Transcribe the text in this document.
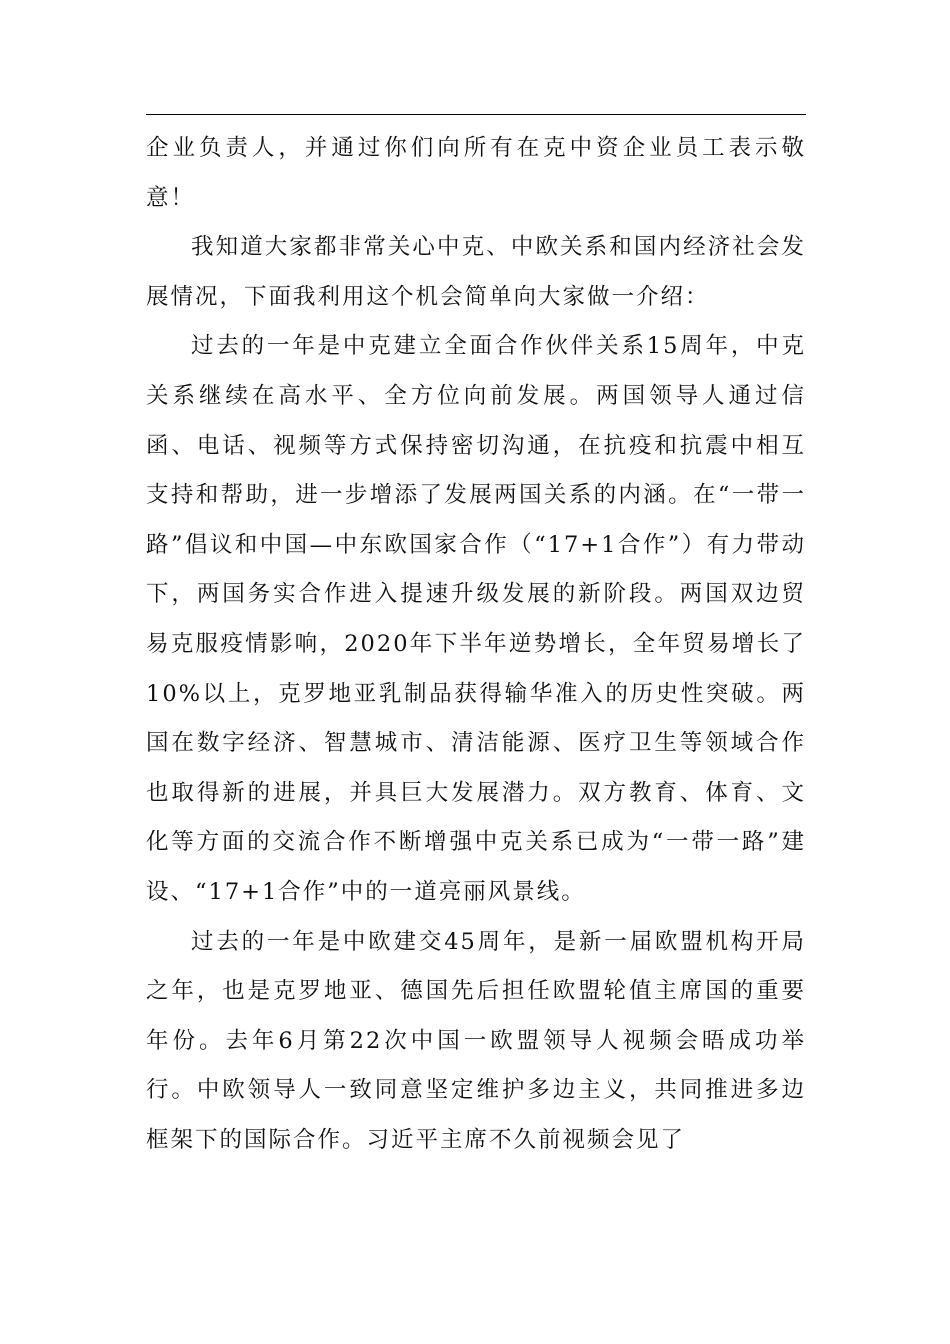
企业负责人，并通过你们向所有在克中资企业员工表示敬意！

我知道大家都非常关心中克、中欧关系和国内经济社会发展情况，下面我利用这个机会简单向大家做一介绍：

过去的一年是中克建立全面合作伙伴关系15周年，中克关系继续在高水平、全方位向前发展。两国领导人通过信函、电话、视频等方式保持密切沟通，在抗疫和抗震中相互支持和帮助，进一步增添了发展两国关系的内涵。在“一带一路”倡议和中国—中东欧国家合作（“17+1合作”）有力带动下，两国务实合作进入提速升级发展的新阶段。两国双边贸易克服疫情影响，2020年下半年逆势增长，全年贸易增长了10%以上，克罗地亚乳制品获得输华准入的历史性突破。两国在数字经济、智慧城市、清洁能源、医疗卫生等领域合作也取得新的进展，并具巨大发展潜力。双方教育、体育、文化等方面的交流合作不断增强中克关系已成为“一带一路”建设、“17+1合作”中的一道亮丽风景线。

过去的一年是中欧建交45周年，是新一届欧盟机构开局之年，也是克罗地亚、德国先后担任欧盟轮值主席国的重要年份。去年6月第22次中国一欧盟领导人视频会晤成功举行。中欧领导人一致同意坚定维护多边主义，共同推进多边框架下的国际合作。习近平主席不久前视频会见了
